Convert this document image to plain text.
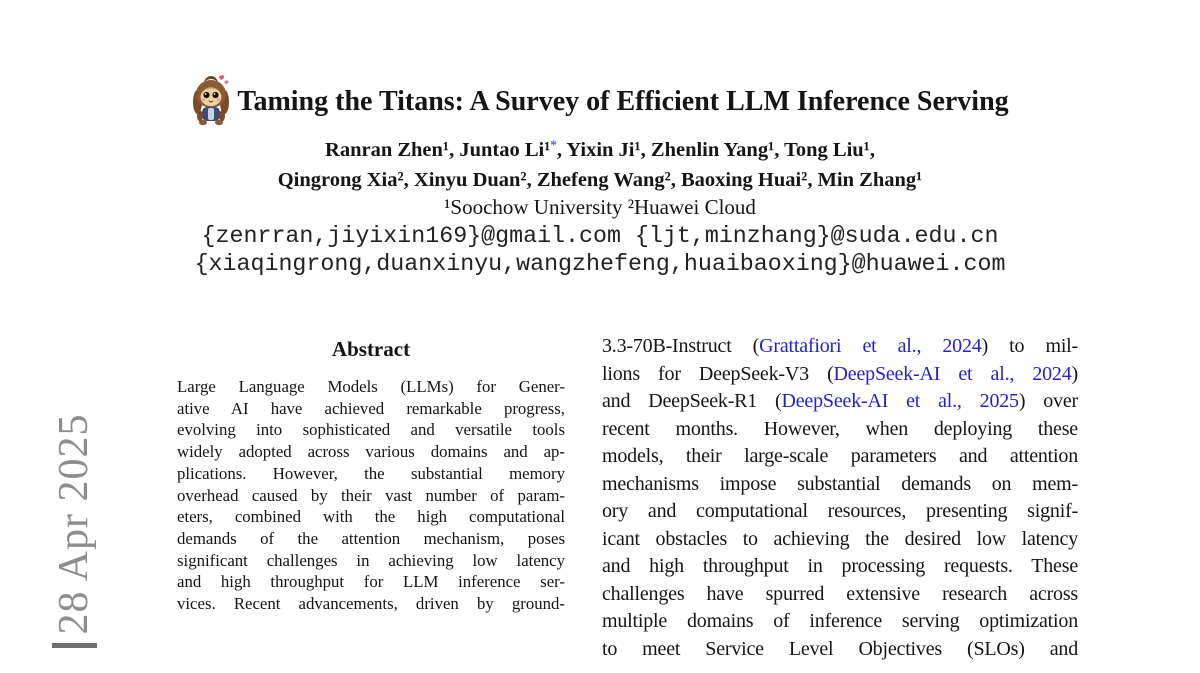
28 Apr 2025
Taming the Titans: A Survey of Efficient LLM Inference Serving
Ranran Zhen¹, Juntao Li¹*, Yixin Ji¹, Zhenlin Yang¹, Tong Liu¹,
Qingrong Xia², Xinyu Duan², Zhefeng Wang², Baoxing Huai², Min Zhang¹
¹Soochow University ²Huawei Cloud
{zenrran,jiyixin169}@gmail.com {ljt,minzhang}@suda.edu.cn
{xiaqingrong,duanxinyu,wangzhefeng,huaibaoxing}@huawei.com
Abstract
Large Language Models (LLMs) for Gener-
ative AI have achieved remarkable progress,
evolving into sophisticated and versatile tools
widely adopted across various domains and ap-
plications. However, the substantial memory
overhead caused by their vast number of param-
eters, combined with the high computational
demands of the attention mechanism, poses
significant challenges in achieving low latency
and high throughput for LLM inference ser-
vices. Recent advancements, driven by ground-
3.3-70B-Instruct (Grattafiori et al., 2024) to mil-
lions for DeepSeek-V3 (DeepSeek-AI et al., 2024)
and DeepSeek-R1 (DeepSeek-AI et al., 2025) over
recent months. However, when deploying these
models, their large-scale parameters and attention
mechanisms impose substantial demands on mem-
ory and computational resources, presenting signif-
icant obstacles to achieving the desired low latency
and high throughput in processing requests. These
challenges have spurred extensive research across
multiple domains of inference serving optimization
to meet Service Level Objectives (SLOs) and
